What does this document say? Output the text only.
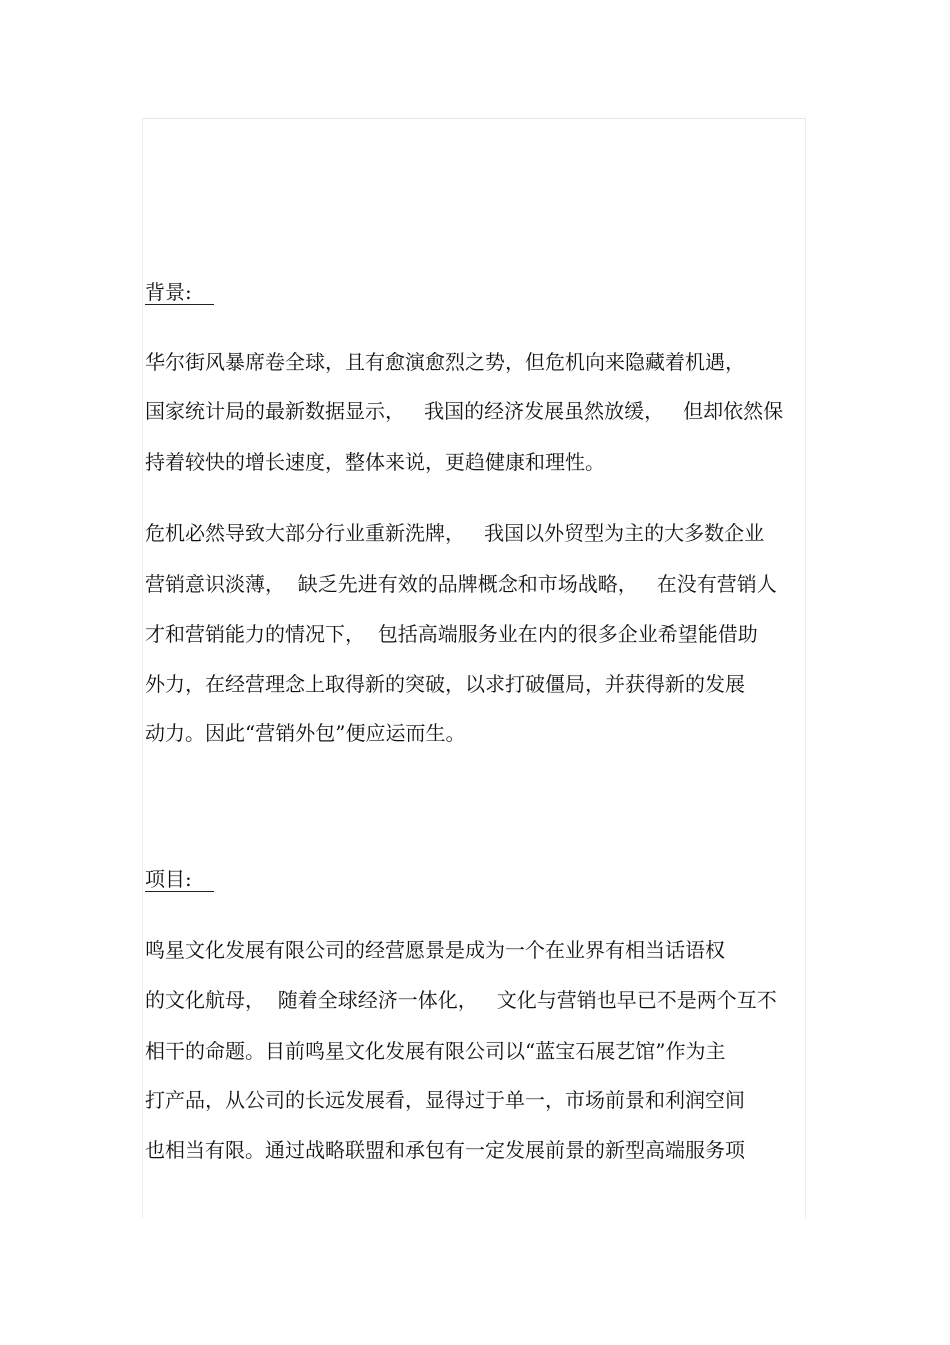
背景:
华尔街风暴席卷全球，且有愈演愈烈之势，但危机向来隐藏着机遇，
国家统计局的最新数据显示，   我国的经济发展虽然放缓，   但却依然保
持着较快的增长速度，整体来说，更趋健康和理性。
危机必然导致大部分行业重新洗牌，   我国以外贸型为主的大多数企业
营销意识淡薄，  缺乏先进有效的品牌概念和市场战略，   在没有营销人
才和营销能力的情况下，  包括高端服务业在内的很多企业希望能借助
外力，在经营理念上取得新的突破，以求打破僵局，并获得新的发展
动力。因此“营销外包”便应运而生。
项目:
鸣星文化发展有限公司的经营愿景是成为一个在业界有相当话语权
的文化航母，  随着全球经济一体化，   文化与营销也早已不是两个互不
相干的命题。目前鸣星文化发展有限公司以“蓝宝石展艺馆”作为主
打产品，从公司的长远发展看，显得过于单一，市场前景和利润空间
也相当有限。通过战略联盟和承包有一定发展前景的新型高端服务项
